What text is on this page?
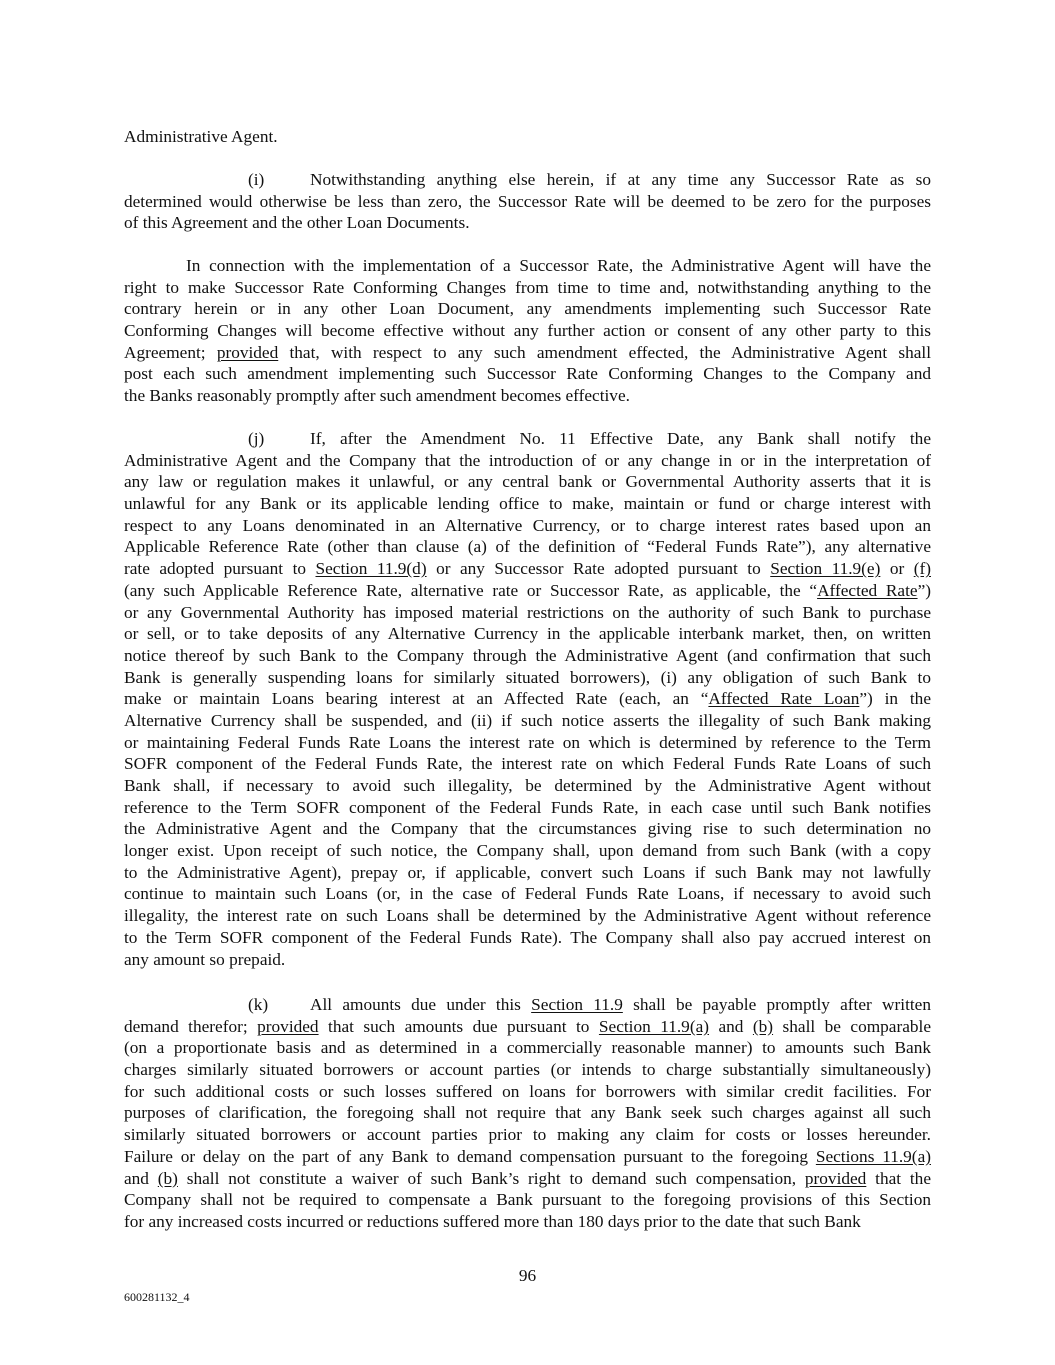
Administrative Agent.
(i)	Notwithstanding anything else herein, if at any time any Successor Rate as so
determined would otherwise be less than zero, the Successor Rate will be deemed to be zero for the purposes
of this Agreement and the other Loan Documents.
In connection with the implementation of a Successor Rate, the Administrative Agent will have the
right to make Successor Rate Conforming Changes from time to time and, notwithstanding anything to the
contrary herein or in any other Loan Document, any amendments implementing such Successor Rate
Conforming Changes will become effective without any further action or consent of any other party to this
Agreement; provided that, with respect to any such amendment effected, the Administrative Agent shall
post each such amendment implementing such Successor Rate Conforming Changes to the Company and
the Banks reasonably promptly after such amendment becomes effective.
(j)	If, after the Amendment No. 11 Effective Date, any Bank shall notify the
Administrative Agent and the Company that the introduction of or any change in or in the interpretation of
any law or regulation makes it unlawful, or any central bank or Governmental Authority asserts that it is
unlawful for any Bank or its applicable lending office to make, maintain or fund or charge interest with
respect to any Loans denominated in an Alternative Currency, or to charge interest rates based upon an
Applicable Reference Rate (other than clause (a) of the definition of “Federal Funds Rate”), any alternative
rate adopted pursuant to Section 11.9(d) or any Successor Rate adopted pursuant to Section 11.9(e) or (f)
(any such Applicable Reference Rate, alternative rate or Successor Rate, as applicable, the “Affected Rate”)
or any Governmental Authority has imposed material restrictions on the authority of such Bank to purchase
or sell, or to take deposits of any Alternative Currency in the applicable interbank market, then, on written
notice thereof by such Bank to the Company through the Administrative Agent (and confirmation that such
Bank is generally suspending loans for similarly situated borrowers), (i) any obligation of such Bank to
make or maintain Loans bearing interest at an Affected Rate (each, an “Affected Rate Loan”) in the
Alternative Currency shall be suspended, and (ii) if such notice asserts the illegality of such Bank making
or maintaining Federal Funds Rate Loans the interest rate on which is determined by reference to the Term
SOFR component of the Federal Funds Rate, the interest rate on which Federal Funds Rate Loans of such
Bank shall, if necessary to avoid such illegality, be determined by the Administrative Agent without
reference to the Term SOFR component of the Federal Funds Rate, in each case until such Bank notifies
the Administrative Agent and the Company that the circumstances giving rise to such determination no
longer exist. Upon receipt of such notice, the Company shall, upon demand from such Bank (with a copy
to the Administrative Agent), prepay or, if applicable, convert such Loans if such Bank may not lawfully
continue to maintain such Loans (or, in the case of Federal Funds Rate Loans, if necessary to avoid such
illegality, the interest rate on such Loans shall be determined by the Administrative Agent without reference
to the Term SOFR component of the Federal Funds Rate). The Company shall also pay accrued interest on
any amount so prepaid.
(k) All amounts due under this Section 11.9 shall be payable promptly after written
demand therefor; provided that such amounts due pursuant to Section 11.9(a) and (b) shall be comparable
(on a proportionate basis and as determined in a commercially reasonable manner) to amounts such Bank
charges similarly situated borrowers or account parties (or intends to charge substantially simultaneously)
for such additional costs or such losses suffered on loans for borrowers with similar credit facilities. For
purposes of clarification, the foregoing shall not require that any Bank seek such charges against all such
similarly situated borrowers or account parties prior to making any claim for costs or losses hereunder.
Failure or delay on the part of any Bank to demand compensation pursuant to the foregoing Sections 11.9(a)
and (b) shall not constitute a waiver of such Bank’s right to demand such compensation, provided that the
Company shall not be required to compensate a Bank pursuant to the foregoing provisions of this Section
for any increased costs incurred or reductions suffered more than 180 days prior to the date that such Bank
96
600281132_4
